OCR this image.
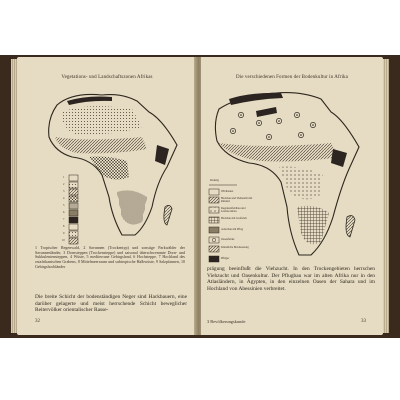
Vegetations- und Landschaftszonen Afrikas
1
2
3
4
5
6
7
8
9
10
1 Tropischer Regenwald, 2 Savannen (Trockentyp) und sonstige Parkwälder der Savannenländer, 3 Dornsteppen (Trockensteppe) und saisonal überschwemmte Dorn- und Sukkulentensteppen, 4 Wüste, 5 mediterrane Gebirgsland, 6 Hochsteppe, 7 Hochland des ostafrikanischen Grabens, 8 Mittelmeerraum und subtropische Halbwüste, 9 Salzpfannen, 10 Gebirgshochländer
Die breite Schicht der bodenständigen Neger sind Hackbauern, eine darüber gelagerte und meist herrschende Schicht beweglicher Reitervölker orientalischer Rasse-
32
Die verschiedenen Formen der Bodenkultur in Afrika
Rodung
Wildbeuter
Hackbau und Viehzucht mit Rindern
Regenzeitfeldbau und Grabstockbau
Hackbau mit Großvieh
Ackerbau mit Pflug
Oasenfelder
Künstliche Bewässerung
Pflüger
prägung beeinflußt die Viehzucht. In den Trockengebieten herrschen Viehzucht und Oasenkultur. Der Pflugbau war im alten Afrika nur in den Atlasländern, in Ägypten, in den einzelnen Oasen der Sahara und im Hochland von Abessinien verbreitet.
3 Bevölkerungskunde	33
